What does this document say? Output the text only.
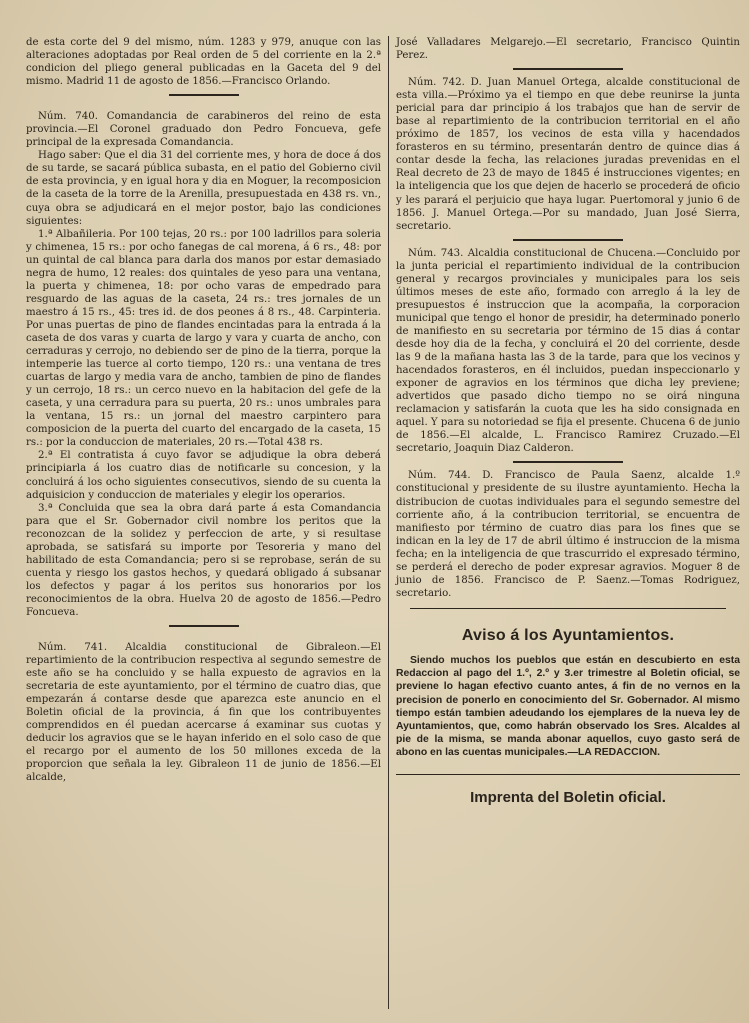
de esta corte del 9 del mismo, núm. 1283 y 979, anuque con las alteraciones adoptadas por Real orden de 5 del corriente en la 2.ª condicion del pliego general publicadas en la Gaceta del 9 del mismo. Madrid 11 de agosto de 1856.—Francisco Orlando.

Núm. 740. Comandancia de carabineros del reino de esta provincia.—El Coronel graduado don Pedro Foncueva, gefe principal de la expresada Comandancia.

Hago saber: Que el dia 31 del corriente mes, y hora de doce á dos de su tarde, se sacará pública subasta, en el patio del Gobierno civil de esta provincia, y en igual hora y dia en Moguer, la recomposicion de la caseta de la torre de la Arenilla, presupuestada en 438 rs. vn., cuya obra se adjudicará en el mejor postor, bajo las condiciones siguientes:

1.ª Albañileria. Por 100 tejas, 20 rs.: por 100 ladrillos para soleria y chimenea, 15 rs.: por ocho fanegas de cal morena, á 6 rs., 48: por un quintal de cal blanca para darla dos manos por estar demasiado negra de humo, 12 reales: dos quintales de yeso para una ventana, la puerta y chimenea, 18: por ocho varas de empedrado para resguardo de las aguas de la caseta, 24 rs.: tres jornales de un maestro á 15 rs., 45: tres id. de dos peones á 8 rs., 48. Carpinteria. Por unas puertas de pino de flandes encintadas para la entrada á la caseta de dos varas y cuarta de largo y vara y cuarta de ancho, con cerraduras y cerrojo, no debiendo ser de pino de la tierra, porque la intemperie las tuerce al corto tiempo, 120 rs.: una ventana de tres cuartas de largo y media vara de ancho, tambien de pino de flandes y un cerrojo, 18 rs.: un cerco nuevo en la habitacion del gefe de la caseta, y una cerradura para su puerta, 20 rs.: unos umbrales para la ventana, 15 rs.: un jornal del maestro carpintero para composicion de la puerta del cuarto del encargado de la caseta, 15 rs.: por la conduccion de materiales, 20 rs.—Total 438 rs.

2.ª El contratista á cuyo favor se adjudique la obra deberá principiarla á los cuatro dias de notificarle su concesion, y la concluirá á los ocho siguientes consecutivos, siendo de su cuenta la adquisicion y conduccion de materiales y elegir los operarios.

3.ª Concluida que sea la obra dará parte á esta Comandancia para que el Sr. Gobernador civil nombre los peritos que la reconozcan de la solidez y perfeccion de arte, y si resultase aprobada, se satisfará su importe por Tesoreria y mano del habilitado de esta Comandancia; pero si se reprobase, serán de su cuenta y riesgo los gastos hechos, y quedará obligado á subsanar los defectos y pagar á los peritos sus honorarios por los reconocimientos de la obra. Huelva 20 de agosto de 1856.—Pedro Foncueva.

Núm. 741. Alcaldia constitucional de Gibraleon.—El repartimiento de la contribucion respectiva al segundo semestre de este año se ha concluido y se halla expuesto de agravios en la secretaria de este ayuntamiento, por el término de cuatro dias, que empezarán á contarse desde que aparezca este anuncio en el Boletin oficial de la provincia, á fin que los contribuyentes comprendidos en él puedan acercarse á examinar sus cuotas y deducir los agravios que se le hayan inferido en el solo caso de que el recargo por el aumento de los 50 millones exceda de la proporcion que señala la ley. Gibraleon 11 de junio de 1856.—El alcalde,

José Valladares Melgarejo.—El secretario, Francisco Quintin Perez.

Núm. 742. D. Juan Manuel Ortega, alcalde constitucional de esta villa.—Próximo ya el tiempo en que debe reunirse la junta pericial para dar principio á los trabajos que han de servir de base al repartimiento de la contribucion territorial en el año próximo de 1857, los vecinos de esta villa y hacendados forasteros en su término, presentarán dentro de quince dias á contar desde la fecha, las relaciones juradas prevenidas en el Real decreto de 23 de mayo de 1845 é instrucciones vigentes; en la inteligencia que los que dejen de hacerlo se procederá de oficio y les parará el perjuicio que haya lugar. Puertomoral y junio 6 de 1856. J. Manuel Ortega.—Por su mandado, Juan José Sierra, secretario.

Núm. 743. Alcaldia constitucional de Chucena.—Concluido por la junta pericial el repartimiento individual de la contribucion general y recargos provinciales y municipales para los seis últimos meses de este año, formado con arreglo á la ley de presupuestos é instruccion que la acompaña, la corporacion municipal que tengo el honor de presidir, ha determinado ponerlo de manifiesto en su secretaria por término de 15 dias á contar desde hoy dia de la fecha, y concluirá el 20 del corriente, desde las 9 de la mañana hasta las 3 de la tarde, para que los vecinos y hacendados forasteros, en él incluidos, puedan inspeccionarlo y exponer de agravios en los términos que dicha ley previene; advertidos que pasado dicho tiempo no se oirá ninguna reclamacion y satisfarán la cuota que les ha sido consignada en aquel. Y para su notoriedad se fija el presente. Chucena 6 de junio de 1856.—El alcalde, L. Francisco Ramirez Cruzado.—El secretario, Joaquin Diaz Calderon.

Núm. 744. D. Francisco de Paula Saenz, alcalde 1.º constitucional y presidente de su ilustre ayuntamiento. Hecha la distribucion de cuotas individuales para el segundo semestre del corriente año, á la contribucion territorial, se encuentra de manifiesto por término de cuatro dias para los fines que se indican en la ley de 17 de abril último é instruccion de la misma fecha; en la inteligencia de que trascurrido el expresado término, se perderá el derecho de poder expresar agravios. Moguer 8 de junio de 1856. Francisco de P. Saenz.—Tomas Rodriguez, secretario.

Aviso á los Ayuntamientos.

Siendo muchos los pueblos que están en descubierto en esta Redaccion al pago del 1.º, 2.º y 3.er trimestre al Boletin oficial, se previene lo hagan efectivo cuanto antes, á fin de no vernos en la precision de ponerlo en conocimiento del Sr. Gobernador. Al mismo tiempo están tambien adeudando los ejemplares de la nueva ley de Ayuntamientos, que, como habrán observado los Sres. Alcaldes al pie de la misma, se manda abonar aquellos, cuyo gasto será de abono en las cuentas municipales.—LA REDACCION.

Imprenta del Boletin oficial.
